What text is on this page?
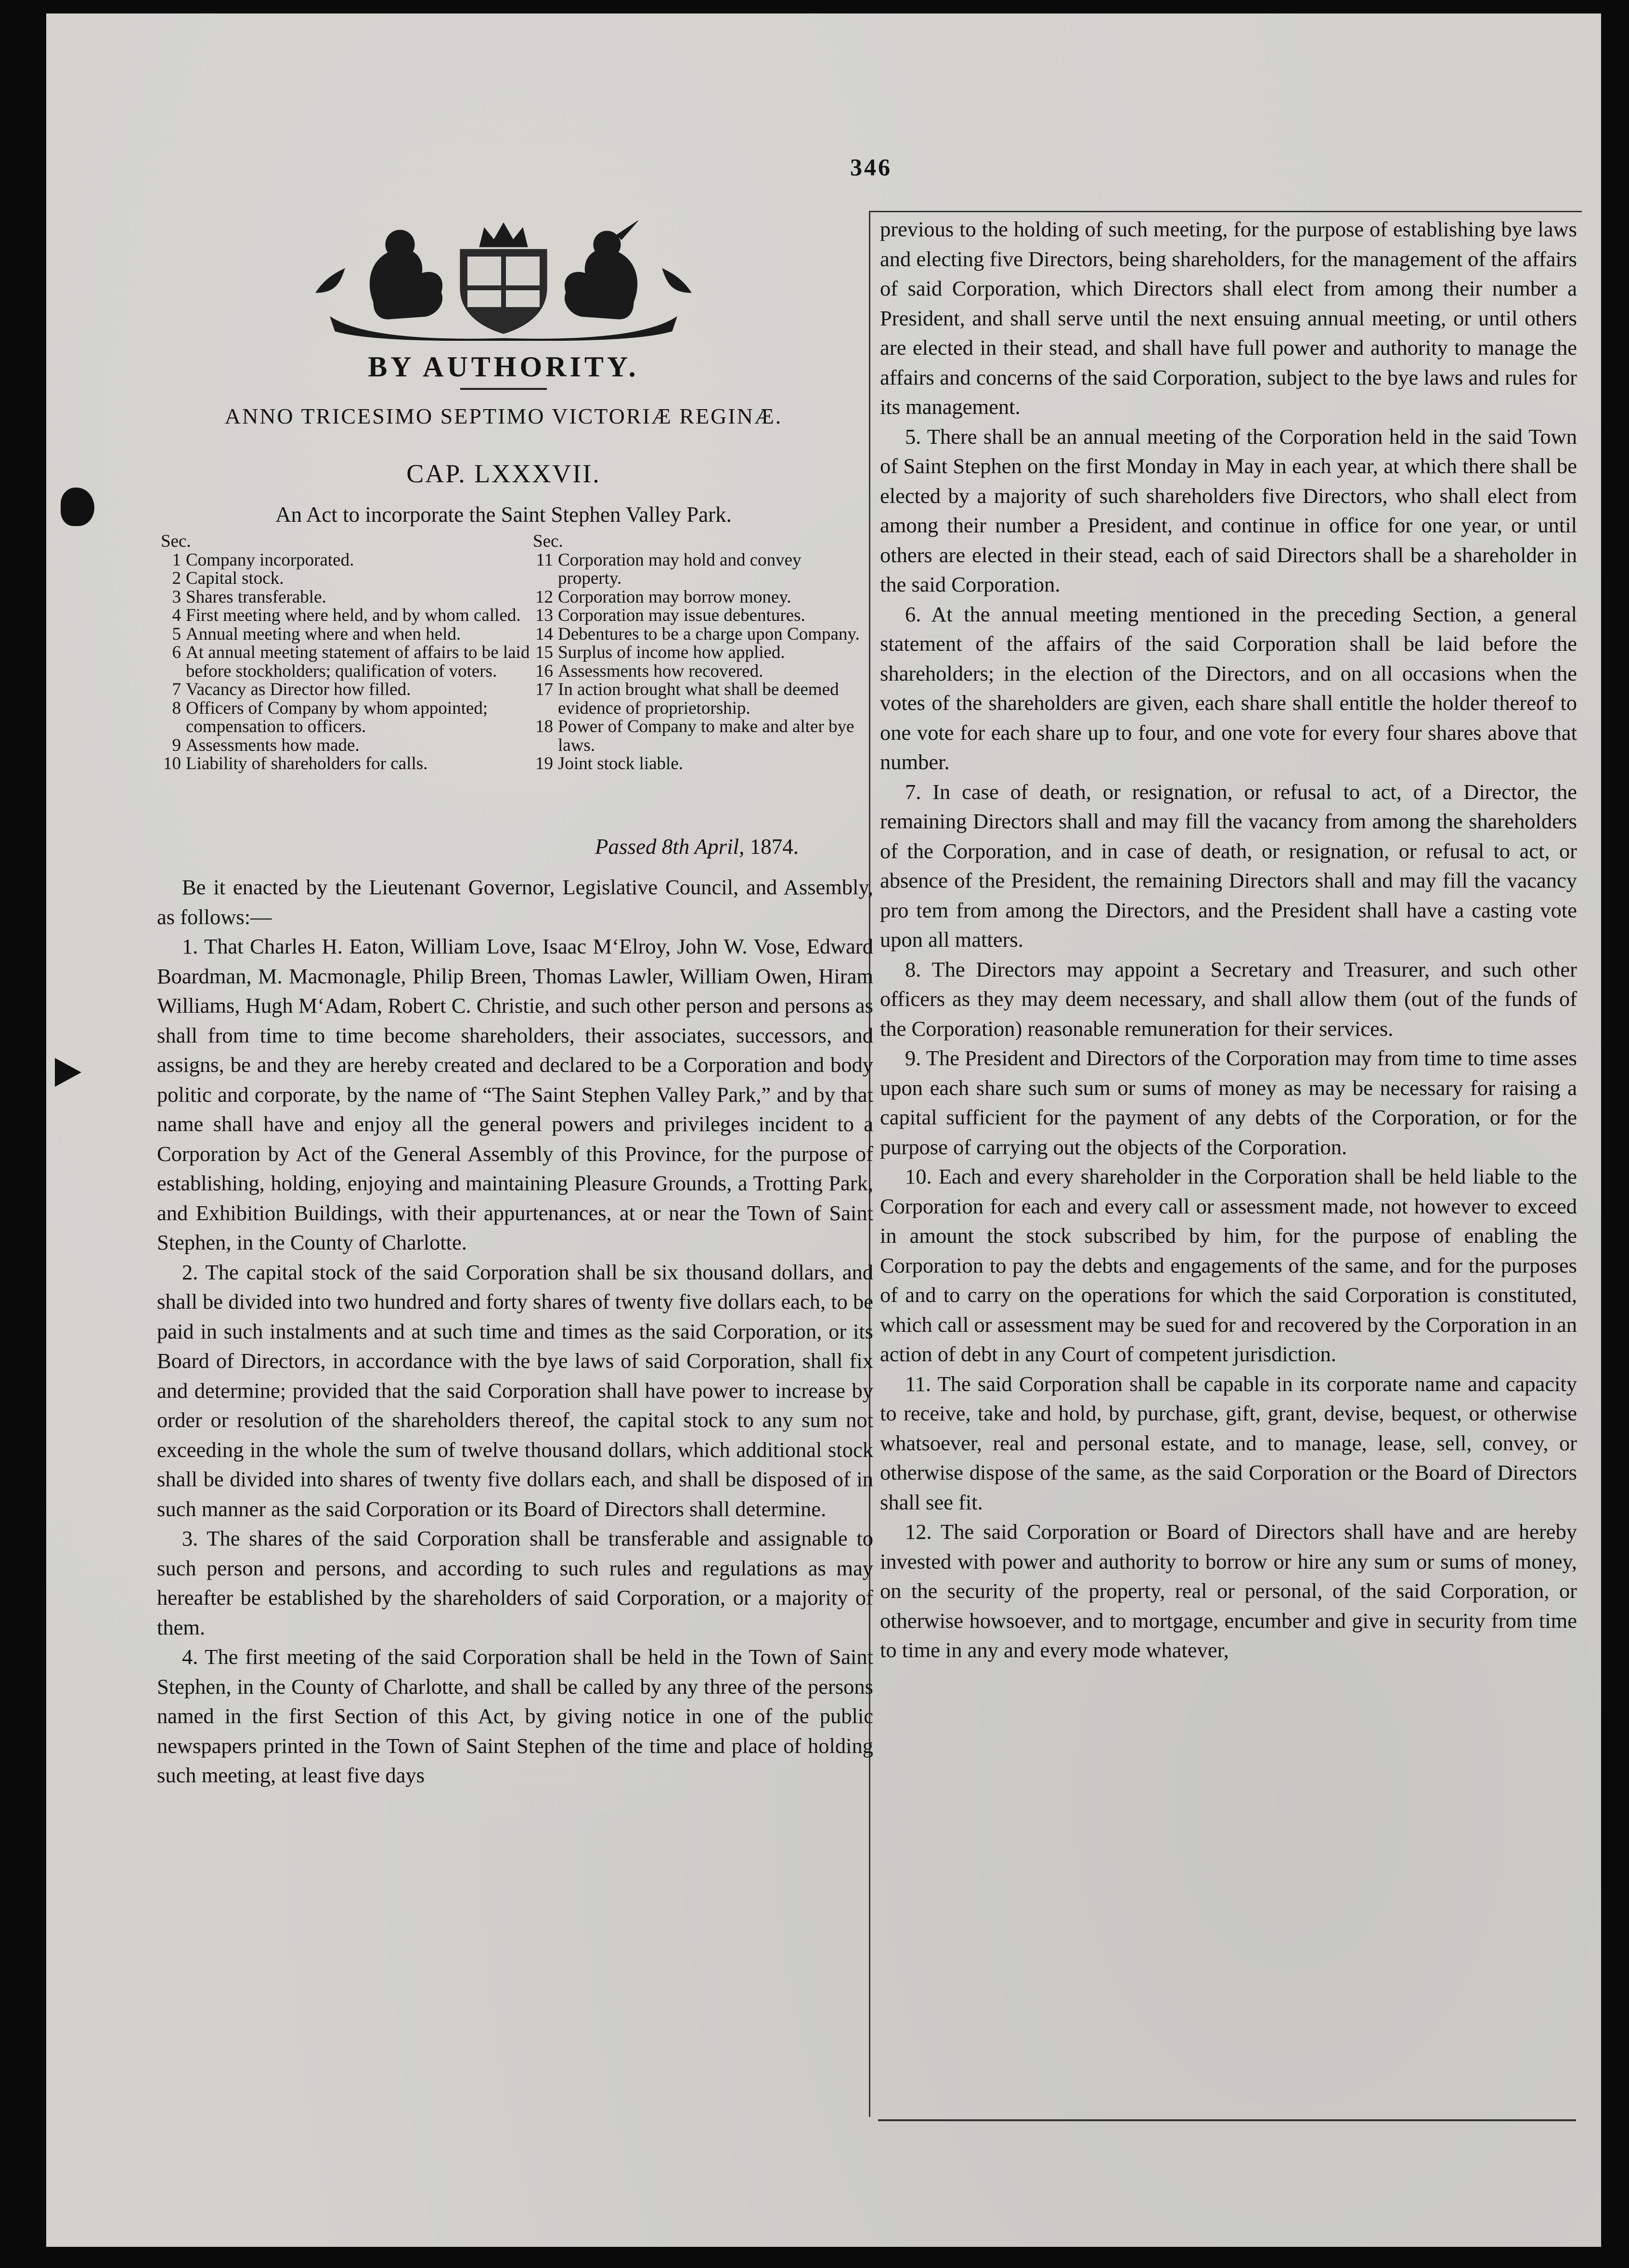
346
BY AUTHORITY.
ANNO TRICESIMO SEPTIMO VICTORIÆ REGINÆ.
CAP. LXXXVII.
An Act to incorporate the Saint Stephen Valley Park.
Sec.
1 Company incorporated.
2 Capital stock.
3 Shares transferable.
4 First meeting where held, and by whom called.
5 Annual meeting where and when held.
6 At annual meeting statement of affairs to be laid before stockholders; qualification of voters.
7 Vacancy as Director how filled.
8 Officers of Company by whom appointed; compensation to officers.
9 Assessments how made.
10 Liability of shareholders for calls.
Sec.
11 Corporation may hold and convey property.
12 Corporation may borrow money.
13 Corporation may issue debentures.
14 Debentures to be a charge upon Company.
15 Surplus of income how applied.
16 Assessments how recovered.
17 In action brought what shall be deemed evidence of proprietorship.
18 Power of Company to make and alter bye laws.
19 Joint stock liable.
Passed 8th April, 1874.

Be it enacted by the Lieutenant Governor, Legislative Council, and Assembly, as follows:—

1. That Charles H. Eaton, William Love, Isaac M‘Elroy, John W. Vose, Edward Boardman, M. Macmonagle, Philip Breen, Thomas Lawler, William Owen, Hiram Williams, Hugh M‘Adam, Robert C. Christie, and such other person and persons as shall from time to time become shareholders, their associates, successors, and assigns, be and they are hereby created and declared to be a Corporation and body politic and corporate, by the name of “The Saint Stephen Valley Park,” and by that name shall have and enjoy all the general powers and privileges incident to a Corporation by Act of the General Assembly of this Province, for the purpose of establishing, holding, enjoying and maintaining Pleasure Grounds, a Trotting Park, and Exhibition Buildings, with their appurtenances, at or near the Town of Saint Stephen, in the County of Charlotte.

2. The capital stock of the said Corporation shall be six thousand dollars, and shall be divided into two hundred and forty shares of twenty five dollars each, to be paid in such instalments and at such time and times as the said Corporation, or its Board of Directors, in accordance with the bye laws of said Corporation, shall fix and determine; provided that the said Corporation shall have power to increase by order or resolution of the shareholders thereof, the capital stock to any sum not exceeding in the whole the sum of twelve thousand dollars, which additional stock shall be divided into shares of twenty five dollars each, and shall be disposed of in such manner as the said Corporation or its Board of Directors shall determine.

3. The shares of the said Corporation shall be transferable and assignable to such person and persons, and according to such rules and regulations as may hereafter be established by the shareholders of said Corporation, or a majority of them.

4. The first meeting of the said Corporation shall be held in the Town of Saint Stephen, in the County of Charlotte, and shall be called by any three of the persons named in the first Section of this Act, by giving notice in one of the public newspapers printed in the Town of Saint Stephen of the time and place of holding such meeting, at least five days

previous to the holding of such meeting, for the purpose of establishing bye laws and electing five Directors, being shareholders, for the management of the affairs of said Corporation, which Directors shall elect from among their number a President, and shall serve until the next ensuing annual meeting, or until others are elected in their stead, and shall have full power and authority to manage the affairs and concerns of the said Corporation, subject to the bye laws and rules for its management.

5. There shall be an annual meeting of the Corporation held in the said Town of Saint Stephen on the first Monday in May in each year, at which there shall be elected by a majority of such shareholders five Directors, who shall elect from among their number a President, and continue in office for one year, or until others are elected in their stead, each of said Directors shall be a shareholder in the said Corporation.

6. At the annual meeting mentioned in the preceding Section, a general statement of the affairs of the said Corporation shall be laid before the shareholders; in the election of the Directors, and on all occasions when the votes of the shareholders are given, each share shall entitle the holder thereof to one vote for each share up to four, and one vote for every four shares above that number.

7. In case of death, or resignation, or refusal to act, of a Director, the remaining Directors shall and may fill the vacancy from among the shareholders of the Corporation, and in case of death, or resignation, or refusal to act, or absence of the President, the remaining Directors shall and may fill the vacancy pro tem from among the Directors, and the President shall have a casting vote upon all matters.

8. The Directors may appoint a Secretary and Treasurer, and such other officers as they may deem necessary, and shall allow them (out of the funds of the Corporation) reasonable remuneration for their services.

9. The President and Directors of the Corporation may from time to time asses upon each share such sum or sums of money as may be necessary for raising a capital sufficient for the payment of any debts of the Corporation, or for the purpose of carrying out the objects of the Corporation.

10. Each and every shareholder in the Corporation shall be held liable to the Corporation for each and every call or assessment made, not however to exceed in amount the stock subscribed by him, for the purpose of enabling the Corporation to pay the debts and engagements of the same, and for the purposes of and to carry on the operations for which the said Corporation is constituted, which call or assessment may be sued for and recovered by the Corporation in an action of debt in any Court of competent jurisdiction.

11. The said Corporation shall be capable in its corporate name and capacity to receive, take and hold, by purchase, gift, grant, devise, bequest, or otherwise whatsoever, real and personal estate, and to manage, lease, sell, convey, or otherwise dispose of the same, as the said Corporation or the Board of Directors shall see fit.

12. The said Corporation or Board of Directors shall have and are hereby invested with power and authority to borrow or hire any sum or sums of money, on the security of the property, real or personal, of the said Corporation, or otherwise howsoever, and to mortgage, encumber and give in security from time to time in any and every mode whatever,
